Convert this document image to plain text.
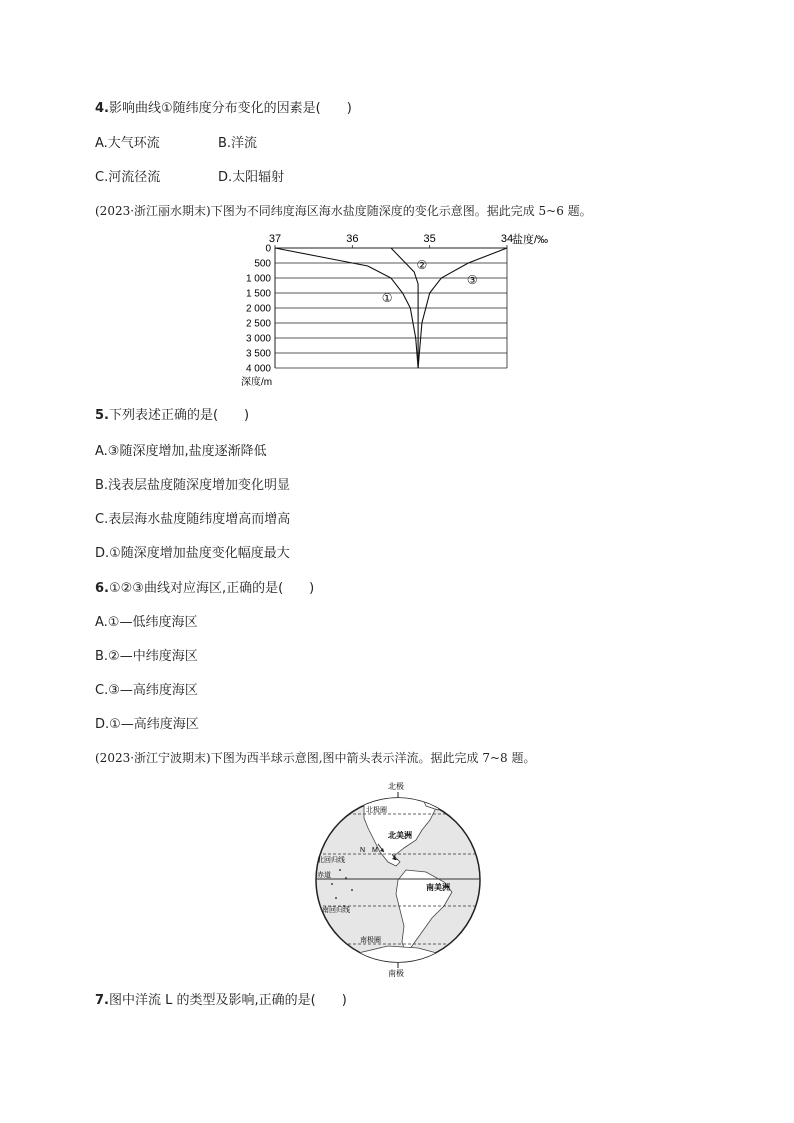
4.影响曲线①随纬度分布变化的因素是(　　)
A.大气环流	B.洋流
C.河流径流	D.太阳辐射
(2023·浙江丽水期末)下图为不同纬度海区海水盐度随深度的变化示意图。据此完成 5~6 题。
0
500
1 000
1 500
2 000
2 500
3 000
3 500
4 000
37	36	35	34
盐度/‰
深度/m
①
②
③
5.下列表述正确的是(　　)
A.③随深度增加,盐度逐渐降低
B.浅表层盐度随深度增加变化明显
C.表层海水盐度随纬度增高而增高
D.①随深度增加盐度变化幅度最大
6.①②③曲线对应海区,正确的是(　　)
A.①—低纬度海区
B.②—中纬度海区
C.③—高纬度海区
D.①—高纬度海区
(2023·浙江宁波期末)下图为西半球示意图,图中箭头表示洋流。据此完成 7~8 题。
北极
北极圈
北美洲
N M
L
北回归线
赤道
南美洲
南回归线
南极圈
南极
7.图中洋流 L 的类型及影响,正确的是(　　)
